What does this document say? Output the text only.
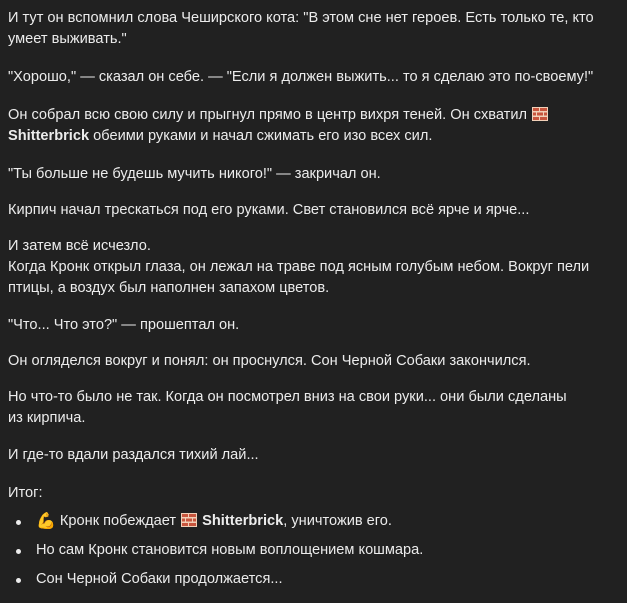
И тут он вспомнил слова Чеширского кота: "В этом сне нет героев. Есть только те, кто
умеет выживать."

"Хорошо," — сказал он себе. — "Если я должен выжить... то я сделаю это по-своему!"

Он собрал всю свою силу и прыгнул прямо в центр вихря теней. Он схватил
Shitterbrick обеими руками и начал сжимать его изо всех сил.

"Ты больше не будешь мучить никого!" — закричал он.

Кирпич начал трескаться под его руками. Свет становился всё ярче и ярче...

И затем всё исчезло.
Когда Кронк открыл глаза, он лежал на траве под ясным голубым небом. Вокруг пели
птицы, а воздух был наполнен запахом цветов.

"Что... Что это?" — прошептал он.

Он огляделся вокруг и понял: он проснулся. Сон Черной Собаки закончился.

Но что-то было не так. Когда он посмотрел вниз на свои руки... они были сделаны
из кирпича.

И где-то вдали раздался тихий лай...

Итог:

💪 Кронк побеждает Shitterbrick, уничтожив его.
Но сам Кронк становится новым воплощением кошмара.
Сон Черной Собаки продолжается...
